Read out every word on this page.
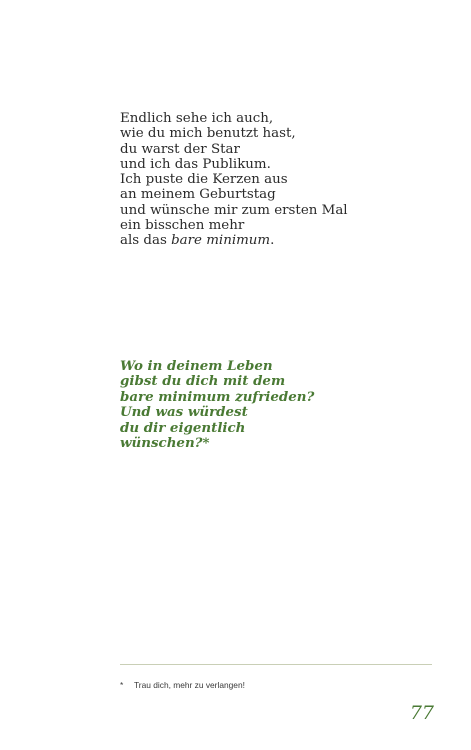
Endlich sehe ich auch,
wie du mich benutzt hast,
du warst der Star
und ich das Publikum.
Ich puste die Kerzen aus
an meinem Geburtstag
und wünsche mir zum ersten Mal
ein bisschen mehr
als das bare minimum.
Wo in deinem Leben
gibst du dich mit dem
bare minimum zufrieden?
Und was würdest
du dir eigentlich
wünschen?*
* Trau dich, mehr zu verlangen!
77
